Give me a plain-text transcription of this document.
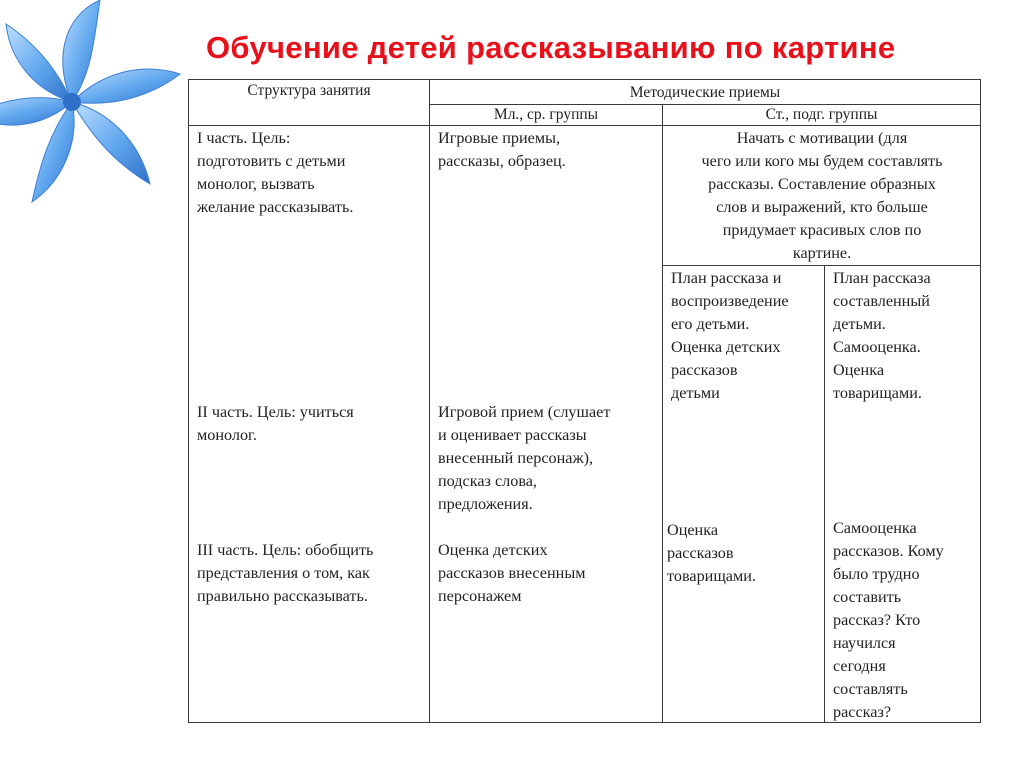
Обучение детей рассказыванию по картине
Структура занятия	Методические приемы
Мл., ср. группы	Ст., подг. группы
I часть. Цель:
подготовить с детьми
монолог, вызвать
желание рассказывать.
II часть. Цель: учиться
монолог.
III часть. Цель: обобщить
представления о том, как
правильно рассказывать.
Игровые приемы,
рассказы, образец.
Игровой прием (слушает
и оценивает рассказы
внесенный персонаж),
подсказ слова,
предложения.
Оценка детских
рассказов внесенным
персонажем
Начать с мотивации (для
чего или кого мы будем составлять
рассказы. Составление образных
слов и выражений, кто больше
придумает красивых слов по
картине.
План рассказа и
воспроизведение
его детьми.
Оценка детских
рассказов
детьми
План рассказа
составленный
детьми.
Самооценка.
Оценка
товарищами.
Оценка
рассказов
товарищами.
Самооценка
рассказов. Кому
было трудно
составить
рассказ? Кто
научился
сегодня
составлять
рассказ?
